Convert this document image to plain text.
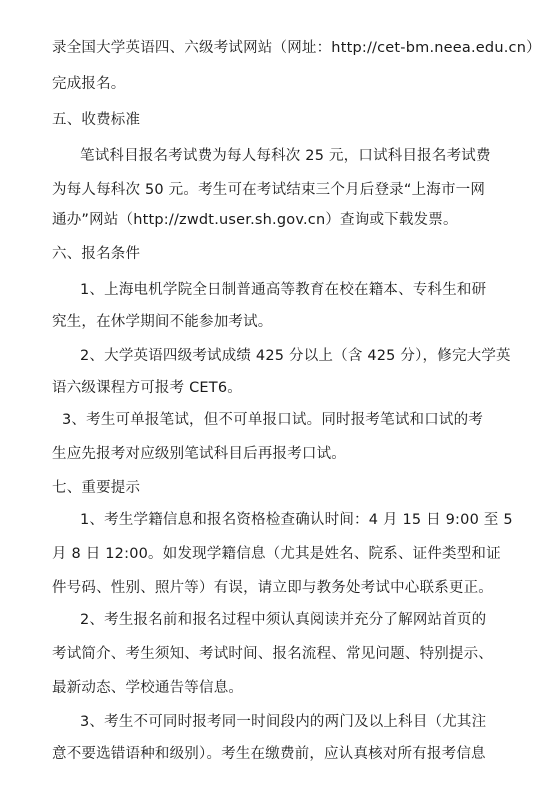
录全国大学英语四、六级考试网站（网址：http://cet-bm.neea.edu.cn）
完成报名。
五、收费标准
笔试科目报名考试费为每人每科次 25 元，口试科目报名考试费
为每人每科次 50 元。考生可在考试结束三个月后登录“上海市一网
通办”网站（http://zwdt.user.sh.gov.cn）查询或下载发票。
六、报名条件
1、上海电机学院全日制普通高等教育在校在籍本、专科生和研
究生，在休学期间不能参加考试。
2、大学英语四级考试成绩 425 分以上（含 425 分），修完大学英
语六级课程方可报考 CET6。
3、考生可单报笔试，但不可单报口试。同时报考笔试和口试的考
生应先报考对应级别笔试科目后再报考口试。
七、重要提示
1、考生学籍信息和报名资格检查确认时间：4 月 15 日 9:00 至 5
月 8 日 12:00。如发现学籍信息（尤其是姓名、院系、证件类型和证
件号码、性别、照片等）有误，请立即与教务处考试中心联系更正。
2、考生报名前和报名过程中须认真阅读并充分了解网站首页的
考试简介、考生须知、考试时间、报名流程、常见问题、特别提示、
最新动态、学校通告等信息。
3、考生不可同时报考同一时间段内的两门及以上科目（尤其注
意不要选错语种和级别）。考生在缴费前，应认真核对所有报考信息
